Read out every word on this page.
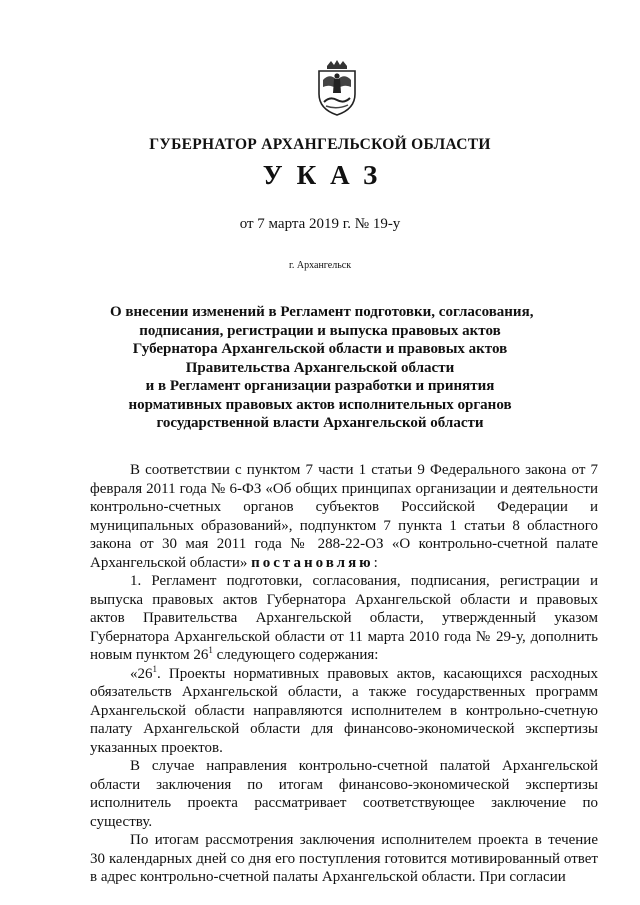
ГУБЕРНАТОР АРХАНГЕЛЬСКОЙ ОБЛАСТИ
УКАЗ
от 7 марта 2019 г. № 19-у
г. Архангельск
О внесении изменений в Регламент подготовки, согласования,
подписания, регистрации и выпуска правовых актов
Губернатора Архангельской области и правовых актов
Правительства Архангельской области
и в Регламент организации разработки и принятия
нормативных правовых актов исполнительных органов
государственной власти Архангельской области

В соответствии с пунктом 7 части 1 статьи 9 Федерального закона от 7 февраля 2011 года № 6-ФЗ «Об общих принципах организации и деятельности контрольно-счетных органов субъектов Российской Федерации и муниципальных образований», подпунктом 7 пункта 1 статьи 8 областного закона от 30 мая 2011 года № 288-22-ОЗ «О контрольно-счетной палате Архангельской области» постановляю:

1. Регламент подготовки, согласования, подписания, регистрации и выпуска правовых актов Губернатора Архангельской области и правовых актов Правительства Архангельской области, утвержденный указом Губернатора Архангельской области от 11 марта 2010 года № 29-у, дополнить новым пунктом $26^1$ следующего содержания:

«$26^1$. Проекты нормативных правовых актов, касающихся расходных обязательств Архангельской области, а также государственных программ Архангельской области направляются исполнителем в контрольно-счетную палату Архангельской области для финансово-экономической экспертизы указанных проектов.

В случае направления контрольно-счетной палатой Архангельской области заключения по итогам финансово-экономической экспертизы исполнитель проекта рассматривает соответствующее заключение по существу.

По итогам рассмотрения заключения исполнителем проекта в течение 30 календарных дней со дня его поступления готовится мотивированный ответ в адрес контрольно-счетной палаты Архангельской области. При согласии
